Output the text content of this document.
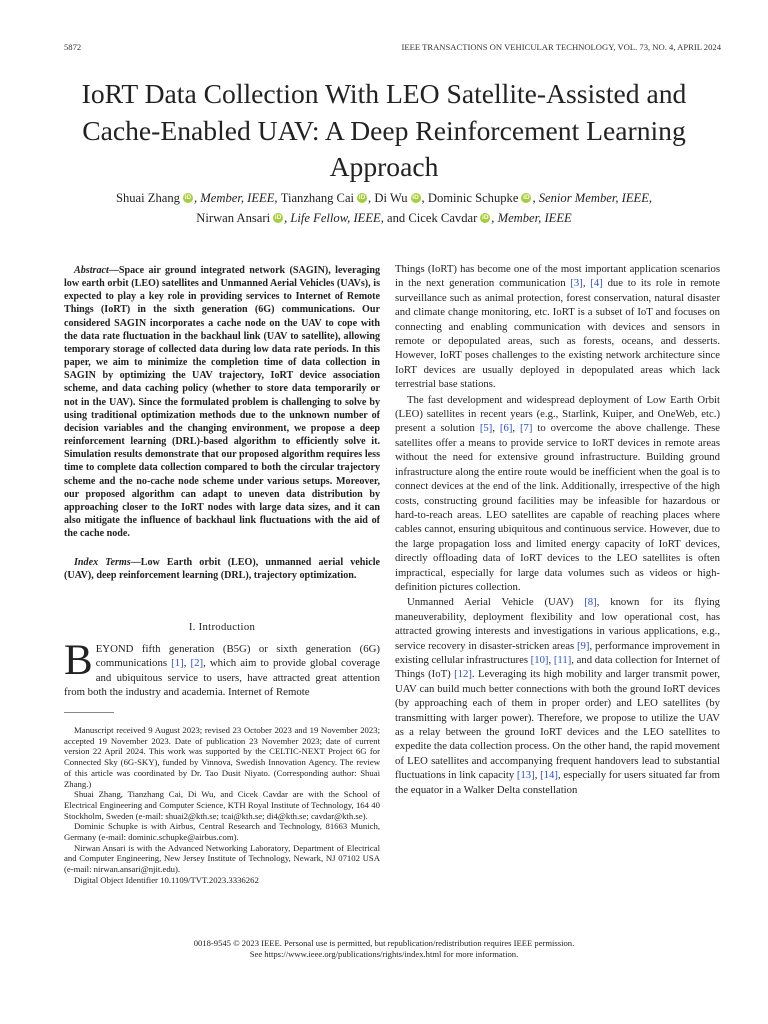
5872	IEEE TRANSACTIONS ON VEHICULAR TECHNOLOGY, VOL. 73, NO. 4, APRIL 2024
IoRT Data Collection With LEO Satellite-Assisted and Cache-Enabled UAV: A Deep Reinforcement Learning Approach
Shuai Zhang iD , Member, IEEE, Tianzhang Cai iD , Di Wu iD , Dominic Schupke iD , Senior Member, IEEE,
Nirwan Ansari iD , Life Fellow, IEEE, and Cicek Cavdar iD , Member, IEEE
Abstract—Space air ground integrated network (SAGIN), leveraging low earth orbit (LEO) satellites and Unmanned Aerial Vehicles (UAVs), is expected to play a key role in providing services to Internet of Remote Things (IoRT) in the sixth generation (6G) communications. Our considered SAGIN incorporates a cache node on the UAV to cope with the data rate fluctuation in the backhaul link (UAV to satellite), allowing temporary storage of collected data during low data rate periods. In this paper, we aim to minimize the completion time of data collection in SAGIN by optimizing the UAV trajectory, IoRT device association scheme, and data caching policy (whether to store data temporarily or not in the UAV). Since the formulated problem is challenging to solve by using traditional optimization methods due to the unknown number of decision variables and the changing environment, we propose a deep reinforcement learning (DRL)-based algorithm to efficiently solve it. Simulation results demonstrate that our proposed algorithm requires less time to complete data collection compared to both the circular trajectory scheme and the no-cache node scheme under various setups. Moreover, our proposed algorithm can adapt to uneven data distribution by approaching closer to the IoRT nodes with large data sizes, and it can also mitigate the influence of backhaul link fluctuations with the aid of the cache node.
Index Terms—Low Earth orbit (LEO), unmanned aerial vehicle (UAV), deep reinforcement learning (DRL), trajectory optimization.
I. Introduction
BEYOND fifth generation (B5G) or sixth generation (6G) communications [1], [2], which aim to provide global coverage and ubiquitous service to users, have attracted great attention from both the industry and academia. Internet of Remote

Manuscript received 9 August 2023; revised 23 October 2023 and 19 November 2023; accepted 19 November 2023. Date of publication 23 November 2023; date of current version 22 April 2024. This work was supported by the CELTIC-NEXT Project 6G for Connected Sky (6G-SKY), funded by Vinnova, Swedish Innovation Agency. The review of this article was coordinated by Dr. Tao Dusit Niyato. (Corresponding author: Shuai Zhang.)

Shuai Zhang, Tianzhang Cai, Di Wu, and Cicek Cavdar are with the School of Electrical Engineering and Computer Science, KTH Royal Institute of Technology, 164 40 Stockholm, Sweden (e-mail: shuai2@kth.se; tcai@kth.se; di4@kth.se; cavdar@kth.se).

Dominic Schupke is with Airbus, Central Research and Technology, 81663 Munich, Germany (e-mail: dominic.schupke@airbus.com).

Nirwan Ansari is with the Advanced Networking Laboratory, Department of Electrical and Computer Engineering, New Jersey Institute of Technology, Newark, NJ 07102 USA (e-mail: nirwan.ansari@njit.edu).

Digital Object Identifier 10.1109/TVT.2023.3336262

Things (IoRT) has become one of the most important application scenarios in the next generation communication [3], [4] due to its role in remote surveillance such as animal protection, forest conservation, natural disaster and climate change monitoring, etc. IoRT is a subset of IoT and focuses on connecting and enabling communication with devices and sensors in remote or depopulated areas, such as forests, oceans, and desserts. However, IoRT poses challenges to the existing network architecture since IoRT devices are usually deployed in depopulated areas which lack terrestrial base stations.

The fast development and widespread deployment of Low Earth Orbit (LEO) satellites in recent years (e.g., Starlink, Kuiper, and OneWeb, etc.) present a solution [5], [6], [7] to overcome the above challenge. These satellites offer a means to provide service to IoRT devices in remote areas without the need for extensive ground infrastructure. Building ground infrastructure along the entire route would be inefficient when the goal is to connect devices at the end of the link. Additionally, irrespective of the high costs, constructing ground facilities may be infeasible for hazardous or hard-to-reach areas. LEO satellites are capable of reaching places where cables cannot, ensuring ubiquitous and continuous service. However, due to the large propagation loss and limited energy capacity of IoRT devices, directly offloading data of IoRT devices to the LEO satellites is often impractical, especially for large data volumes such as videos or high-definition pictures collection.

Unmanned Aerial Vehicle (UAV) [8], known for its flying maneuverability, deployment flexibility and low operational cost, has attracted growing interests and investigations in various applications, e.g., service recovery in disaster-stricken areas [9], performance improvement in existing cellular infrastructures [10], [11], and data collection for Internet of Things (IoT) [12]. Leveraging its high mobility and larger transmit power, UAV can build much better connections with both the ground IoRT devices (by approaching each of them in proper order) and LEO satellites (by transmitting with larger power). Therefore, we propose to utilize the UAV as a relay between the ground IoRT devices and the LEO satellites to expedite the data collection process. On the other hand, the rapid movement of LEO satellites and accompanying frequent handovers lead to substantial fluctuations in link capacity [13], [14], especially for users situated far from the equator in a Walker Delta constellation

0018-9545 © 2023 IEEE. Personal use is permitted, but republication/redistribution requires IEEE permission.
See https://www.ieee.org/publications/rights/index.html for more information.
